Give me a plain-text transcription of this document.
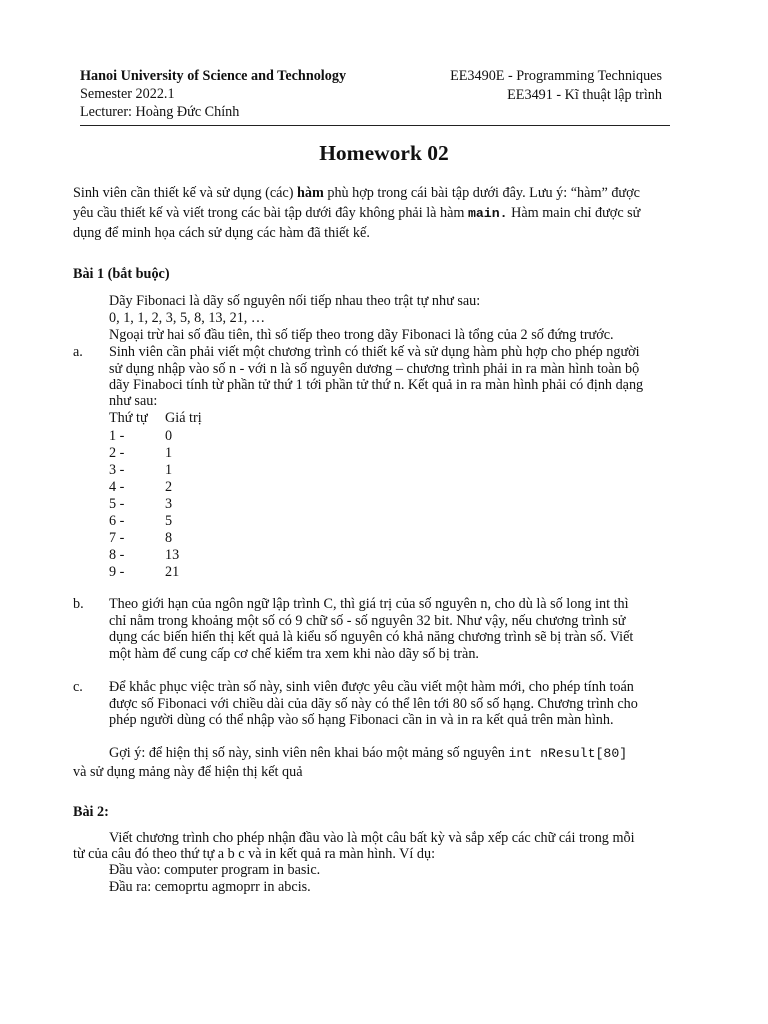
Hanoi University of Science and Technology
Semester 2022.1
Lecturer: Hoàng Đức Chính
EE3490E - Programming Techniques
EE3491 - Kĩ thuật lập trình
Homework 02
Sinh viên cần thiết kế và sử dụng (các) hàm phù hợp trong cái bài tập dưới đây. Lưu ý: “hàm” được
yêu cầu thiết kế và viết trong các bài tập dưới đây không phải là hàm main. Hàm main chỉ được sử
dụng để minh họa cách sử dụng các hàm đã thiết kế.
Bài 1 (bắt buộc)
Dãy Fibonaci là dãy số nguyên nối tiếp nhau theo trật tự như sau:
0, 1, 1, 2, 3, 5, 8, 13, 21, …
Ngoại trừ hai số đầu tiên, thì số tiếp theo trong dãy Fibonaci là tổng của 2 số đứng trước.
a. Sinh viên cần phải viết một chương trình có thiết kế và sử dụng hàm phù hợp cho phép người
sử dụng nhập vào số n - với n là số nguyên dương – chương trình phải in ra màn hình toàn bộ
dãy Finaboci tính từ phần tử thứ 1 tới phần tử thứ n. Kết quả in ra màn hình phải có định dạng
như sau:
Thứ tự Giá trị
1 -	0
2 -	1
3 -	1
4 -	2
5 -	3
6 -	5
7 -	8
8 -	13
9 -	21
b. Theo giới hạn của ngôn ngữ lập trình C, thì giá trị của số nguyên n, cho dù là số long int thì
chỉ nằm trong khoảng một số có 9 chữ số - số nguyên 32 bit. Như vậy, nếu chương trình sử
dụng các biến hiển thị kết quả là kiểu số nguyên có khả năng chương trình sẽ bị tràn số. Viết
một hàm để cung cấp cơ chế kiểm tra xem khi nào dãy số bị tràn.
c. Để khắc phục việc tràn số này, sinh viên được yêu cầu viết một hàm mới, cho phép tính toán
được số Fibonaci với chiều dài của dãy số này có thể lên tới 80 số số hạng. Chương trình cho
phép người dùng có thể nhập vào số hạng Fibonaci cần in và in ra kết quả trên màn hình.
Gợi ý: để hiện thị số này, sinh viên nên khai báo một mảng số nguyên int nResult[80]
và sử dụng mảng này để hiện thị kết quả
Bài 2:
Viết chương trình cho phép nhận đầu vào là một câu bất kỳ và sắp xếp các chữ cái trong mỗi
từ của câu đó theo thứ tự a b c và in kết quả ra màn hình. Ví dụ:
Đầu vào: computer program in basic.
Đầu ra: cemoprtu agmoprr in abcis.
